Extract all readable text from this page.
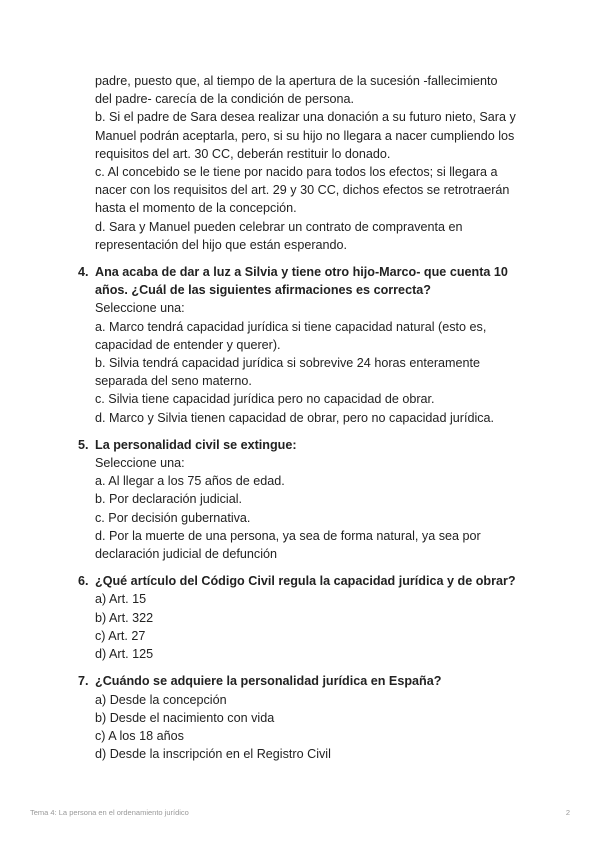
padre, puesto que, al tiempo de la apertura de la sucesión -fallecimiento
del padre- carecía de la condición de persona.
b. Si el padre de Sara desea realizar una donación a su futuro nieto, Sara y
Manuel podrán aceptarla, pero, si su hijo no llegara a nacer cumpliendo los
requisitos del art. 30 CC, deberán restituir lo donado.
c. Al concebido se le tiene por nacido para todos los efectos; si llegara a
nacer con los requisitos del art. 29 y 30 CC, dichos efectos se retrotraerán
hasta el momento de la concepción.
d. Sara y Manuel pueden celebrar un contrato de compraventa en
representación del hijo que están esperando.
4. Ana acaba de dar a luz a Silvia y tiene otro hijo-Marco- que cuenta 10
años. ¿Cuál de las siguientes afirmaciones es correcta?
Seleccione una:
a. Marco tendrá capacidad jurídica si tiene capacidad natural (esto es,
capacidad de entender y querer).
b. Silvia tendrá capacidad jurídica si sobrevive 24 horas enteramente
separada del seno materno.
c. Silvia tiene capacidad jurídica pero no capacidad de obrar.
d. Marco y Silvia tienen capacidad de obrar, pero no capacidad jurídica.
5. La personalidad civil se extingue:
Seleccione una:
a. Al llegar a los 75 años de edad.
b. Por declaración judicial.
c. Por decisión gubernativa.
d. Por la muerte de una persona, ya sea de forma natural, ya sea por
declaración judicial de defunción
6. ¿Qué artículo del Código Civil regula la capacidad jurídica y de obrar?
a) Art. 15
b) Art. 322
c) Art. 27
d) Art. 125
7. ¿Cuándo se adquiere la personalidad jurídica en España?
a) Desde la concepción
b) Desde el nacimiento con vida
c) A los 18 años
d) Desde la inscripción en el Registro Civil
Tema 4: La persona en el ordenamiento jurídico	2
